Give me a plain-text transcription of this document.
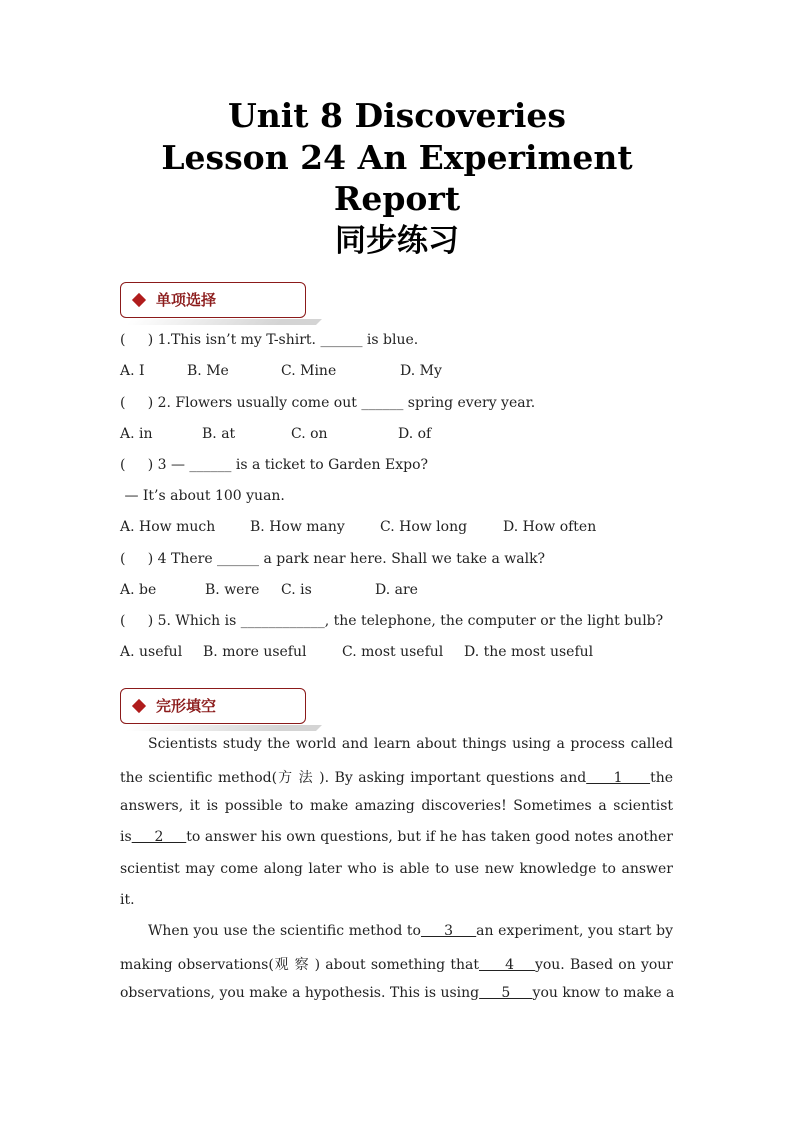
Unit 8 Discoveries
Lesson 24 An Experiment
Report
同步练习
单项选择
(     ) 1.This isn’t my T-shirt. ______ is blue.

A. I

	B. Me

	C. Mine

	D. My

(     ) 2. Flowers usually come out ______ spring every year.

A. in

	B. at

	C. on

	D. of

(     ) 3 — ______ is a ticket to Garden Expo?
— It’s about 100 yuan.

A. How much

B. How many

	C. How long

	D. How often

(     ) 4 There ______ a park near here. Shall we take a walk?

A. be

	B. were

C. is

	D. are

(     ) 5. Which is ____________, the telephone, the computer or the light bulb?

A. useful

B. more useful

	C. most useful

D. the most useful

完形填空
Scientists study the world and learn about things using a process called
the scientific method(方 法 ). By asking important questions and     1     the
answers, it is possible to make amazing discoveries! Sometimes a scientist
is     2     to answer his own questions, but if he has taken good notes another
scientist may come along later who is able to use new knowledge to answer
it.
When you use the scientific method to     3     an experiment, you start by
making observations(观 察 ) about something that     4    you. Based on your
observations, you make a hypothesis. This is using     5     you know to make a
